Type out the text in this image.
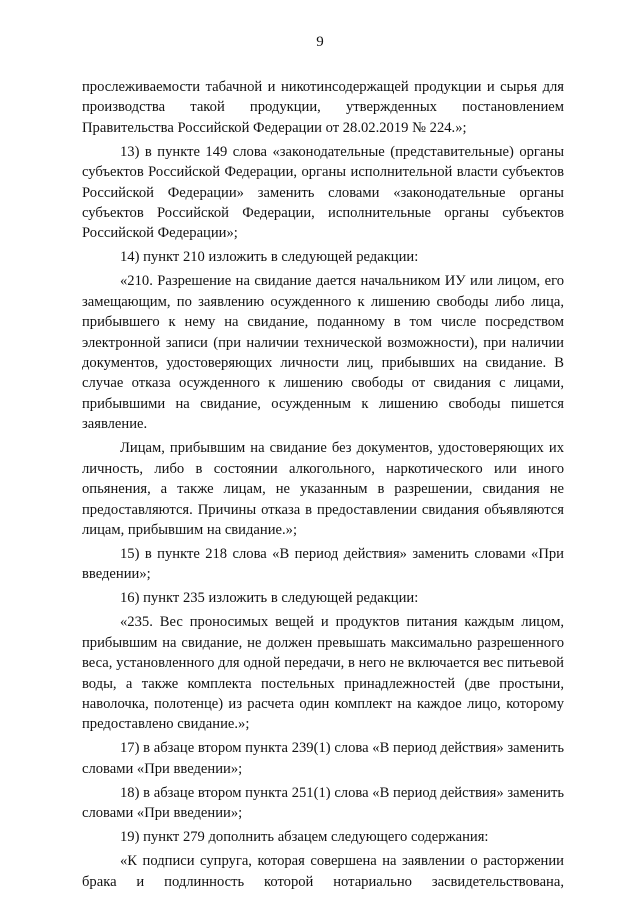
9

прослеживаемости табачной и никотинсодержащей продукции и сырья для производства такой продукции, утвержденных постановлением Правительства Российской Федерации от 28.02.2019 № 224.»;

13) в пункте 149 слова «законодательные (представительные) органы субъектов Российской Федерации, органы исполнительной власти субъектов Российской Федерации» заменить словами «законодательные органы субъектов Российской Федерации, исполнительные органы субъектов Российской Федерации»;

14) пункт 210 изложить в следующей редакции:

«210. Разрешение на свидание дается начальником ИУ или лицом, его замещающим, по заявлению осужденного к лишению свободы либо лица, прибывшего к нему на свидание, поданному в том числе посредством электронной записи (при наличии технической возможности), при наличии документов, удостоверяющих личности лиц, прибывших на свидание. В случае отказа осужденного к лишению свободы от свидания с лицами, прибывшими на свидание, осужденным к лишению свободы пишется заявление.

Лицам, прибывшим на свидание без документов, удостоверяющих их личность, либо в состоянии алкогольного, наркотического или иного опьянения, а также лицам, не указанным в разрешении, свидания не предоставляются. Причины отказа в предоставлении свидания объявляются лицам, прибывшим на свидание.»;

15) в пункте 218 слова «В период действия» заменить словами «При введении»;

16) пункт 235 изложить в следующей редакции:

«235. Вес проносимых вещей и продуктов питания каждым лицом, прибывшим на свидание, не должен превышать максимально разрешенного веса, установленного для одной передачи, в него не включается вес питьевой воды, а также комплекта постельных принадлежностей (две простыни, наволочка, полотенце) из расчета один комплект на каждое лицо, которому предоставлено свидание.»;

17) в абзаце втором пункта 239(1) слова «В период действия» заменить словами «При введении»;

18) в абзаце втором пункта 251(1) слова «В период действия» заменить словами «При введении»;

19) пункт 279 дополнить абзацем следующего содержания:

«К подписи супруга, которая совершена на заявлении о расторжении брака и подлинность которой нотариально засвидетельствована,
